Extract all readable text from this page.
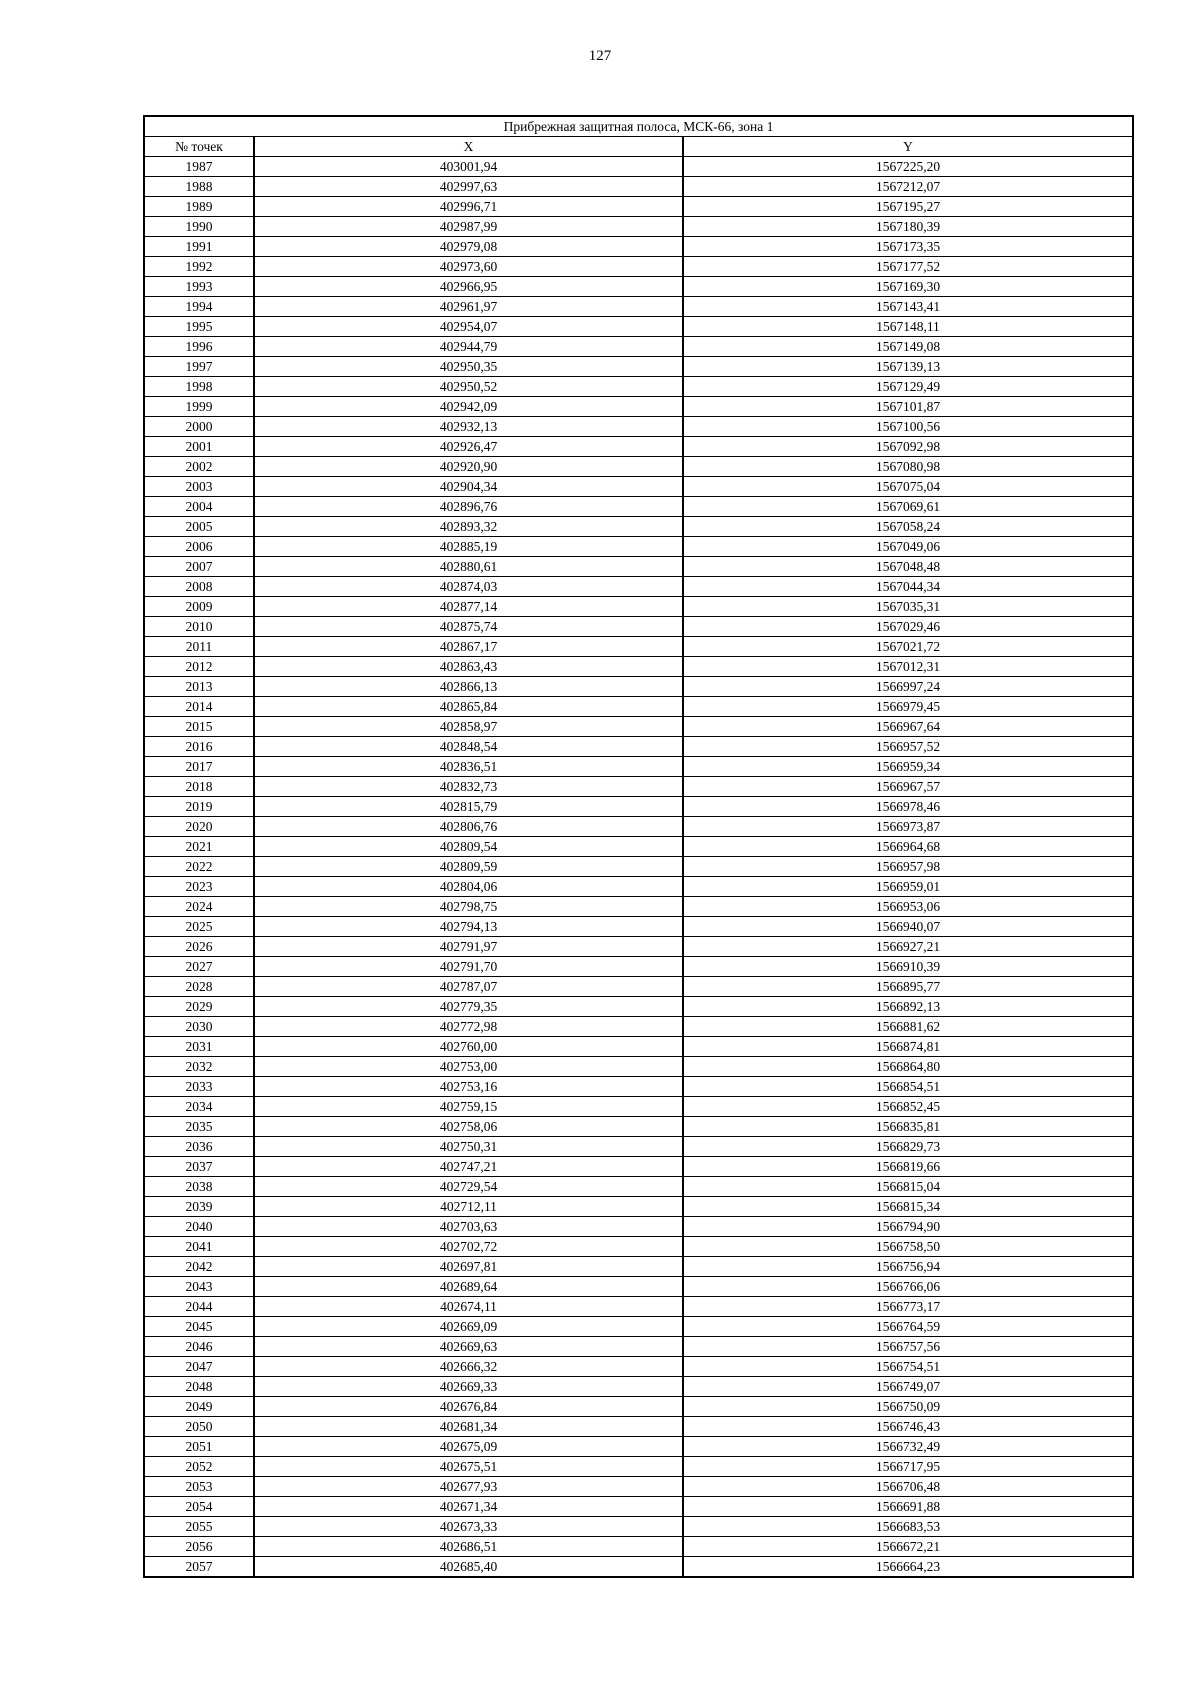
127
Прибрежная защитная полоса, МСК-66, зона 1		
№ точек	X	Y
1987	403001,94	1567225,20
1988	402997,63	1567212,07
1989	402996,71	1567195,27
1990	402987,99	1567180,39
1991	402979,08	1567173,35
1992	402973,60	1567177,52
1993	402966,95	1567169,30
1994	402961,97	1567143,41
1995	402954,07	1567148,11
1996	402944,79	1567149,08
1997	402950,35	1567139,13
1998	402950,52	1567129,49
1999	402942,09	1567101,87
2000	402932,13	1567100,56
2001	402926,47	1567092,98
2002	402920,90	1567080,98
2003	402904,34	1567075,04
2004	402896,76	1567069,61
2005	402893,32	1567058,24
2006	402885,19	1567049,06
2007	402880,61	1567048,48
2008	402874,03	1567044,34
2009	402877,14	1567035,31
2010	402875,74	1567029,46
2011	402867,17	1567021,72
2012	402863,43	1567012,31
2013	402866,13	1566997,24
2014	402865,84	1566979,45
2015	402858,97	1566967,64
2016	402848,54	1566957,52
2017	402836,51	1566959,34
2018	402832,73	1566967,57
2019	402815,79	1566978,46
2020	402806,76	1566973,87
2021	402809,54	1566964,68
2022	402809,59	1566957,98
2023	402804,06	1566959,01
2024	402798,75	1566953,06
2025	402794,13	1566940,07
2026	402791,97	1566927,21
2027	402791,70	1566910,39
2028	402787,07	1566895,77
2029	402779,35	1566892,13
2030	402772,98	1566881,62
2031	402760,00	1566874,81
2032	402753,00	1566864,80
2033	402753,16	1566854,51
2034	402759,15	1566852,45
2035	402758,06	1566835,81
2036	402750,31	1566829,73
2037	402747,21	1566819,66
2038	402729,54	1566815,04
2039	402712,11	1566815,34
2040	402703,63	1566794,90
2041	402702,72	1566758,50
2042	402697,81	1566756,94
2043	402689,64	1566766,06
2044	402674,11	1566773,17
2045	402669,09	1566764,59
2046	402669,63	1566757,56
2047	402666,32	1566754,51
2048	402669,33	1566749,07
2049	402676,84	1566750,09
2050	402681,34	1566746,43
2051	402675,09	1566732,49
2052	402675,51	1566717,95
2053	402677,93	1566706,48
2054	402671,34	1566691,88
2055	402673,33	1566683,53
2056	402686,51	1566672,21
2057	402685,40	1566664,23
